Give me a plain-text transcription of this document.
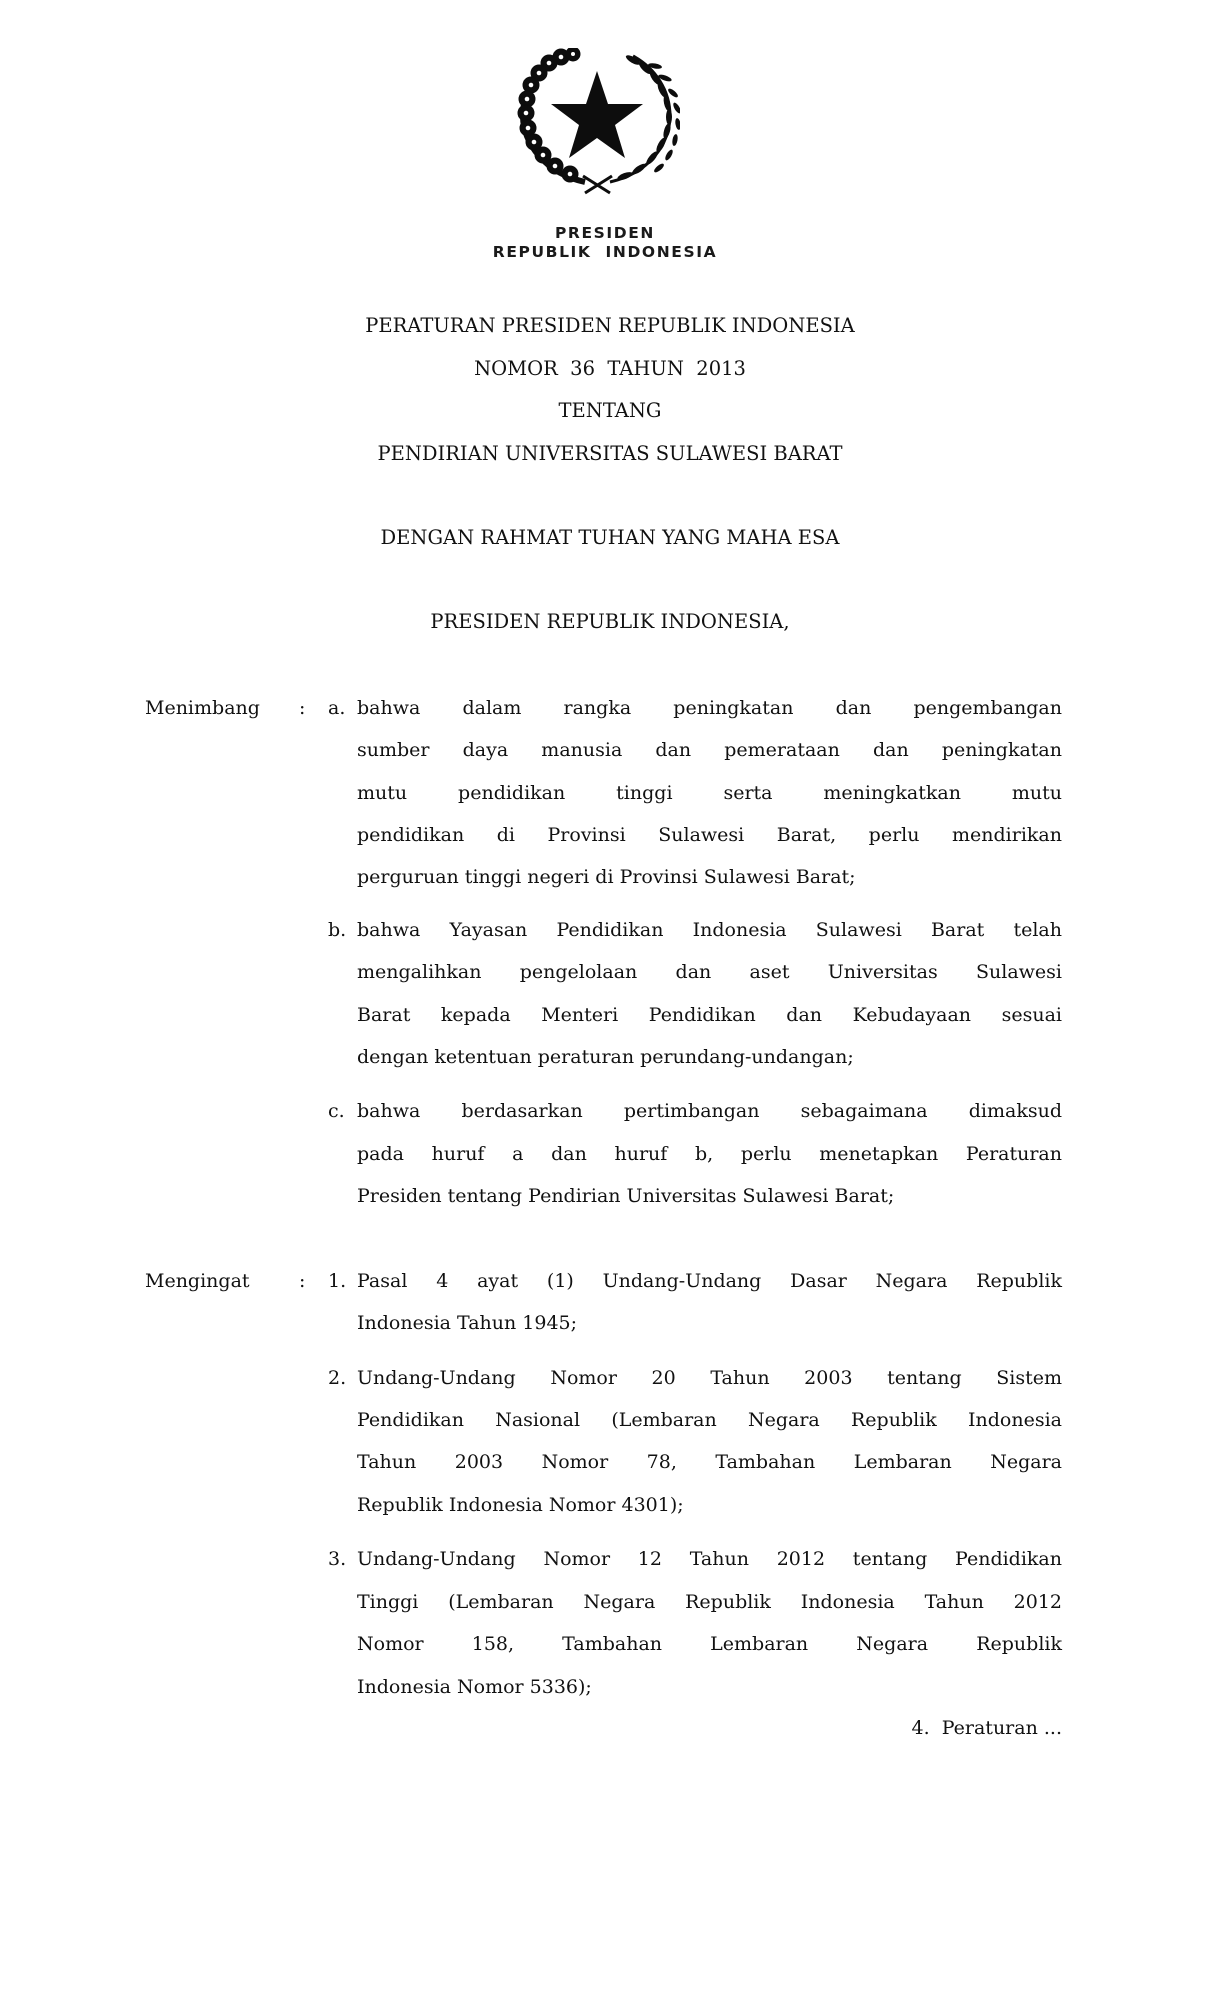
PRESIDEN
REPUBLIK  INDONESIA
PERATURAN PRESIDEN REPUBLIK INDONESIA
NOMOR  36  TAHUN  2013
TENTANG
PENDIRIAN UNIVERSITAS SULAWESI BARAT
DENGAN RAHMAT TUHAN YANG MAHA ESA
PRESIDEN REPUBLIK INDONESIA,
Menimbang : a. bahwa dalam rangka peningkatan dan pengembangan
sumber daya manusia dan pemerataan dan peningkatan
mutu pendidikan tinggi serta meningkatkan mutu
pendidikan di Provinsi Sulawesi Barat, perlu mendirikan
perguruan tinggi negeri di Provinsi Sulawesi Barat;
b. bahwa Yayasan Pendidikan Indonesia Sulawesi Barat telah
mengalihkan pengelolaan dan aset Universitas Sulawesi
Barat kepada Menteri Pendidikan dan Kebudayaan sesuai
dengan ketentuan peraturan perundang-undangan;
c. bahwa berdasarkan pertimbangan sebagaimana dimaksud
pada huruf a dan huruf b, perlu menetapkan Peraturan
Presiden tentang Pendirian Universitas Sulawesi Barat;
Mengingat	: 1. Pasal 4 ayat (1) Undang-Undang Dasar Negara Republik
Indonesia Tahun 1945;
2. Undang-Undang Nomor 20 Tahun 2003 tentang Sistem
Pendidikan Nasional (Lembaran Negara Republik Indonesia
Tahun 2003 Nomor 78, Tambahan Lembaran Negara
Republik Indonesia Nomor 4301);
3. Undang-Undang Nomor 12 Tahun 2012 tentang Pendidikan
Tinggi (Lembaran Negara Republik Indonesia Tahun 2012
Nomor 158, Tambahan Lembaran Negara Republik
Indonesia Nomor 5336);
4.  Peraturan ...
